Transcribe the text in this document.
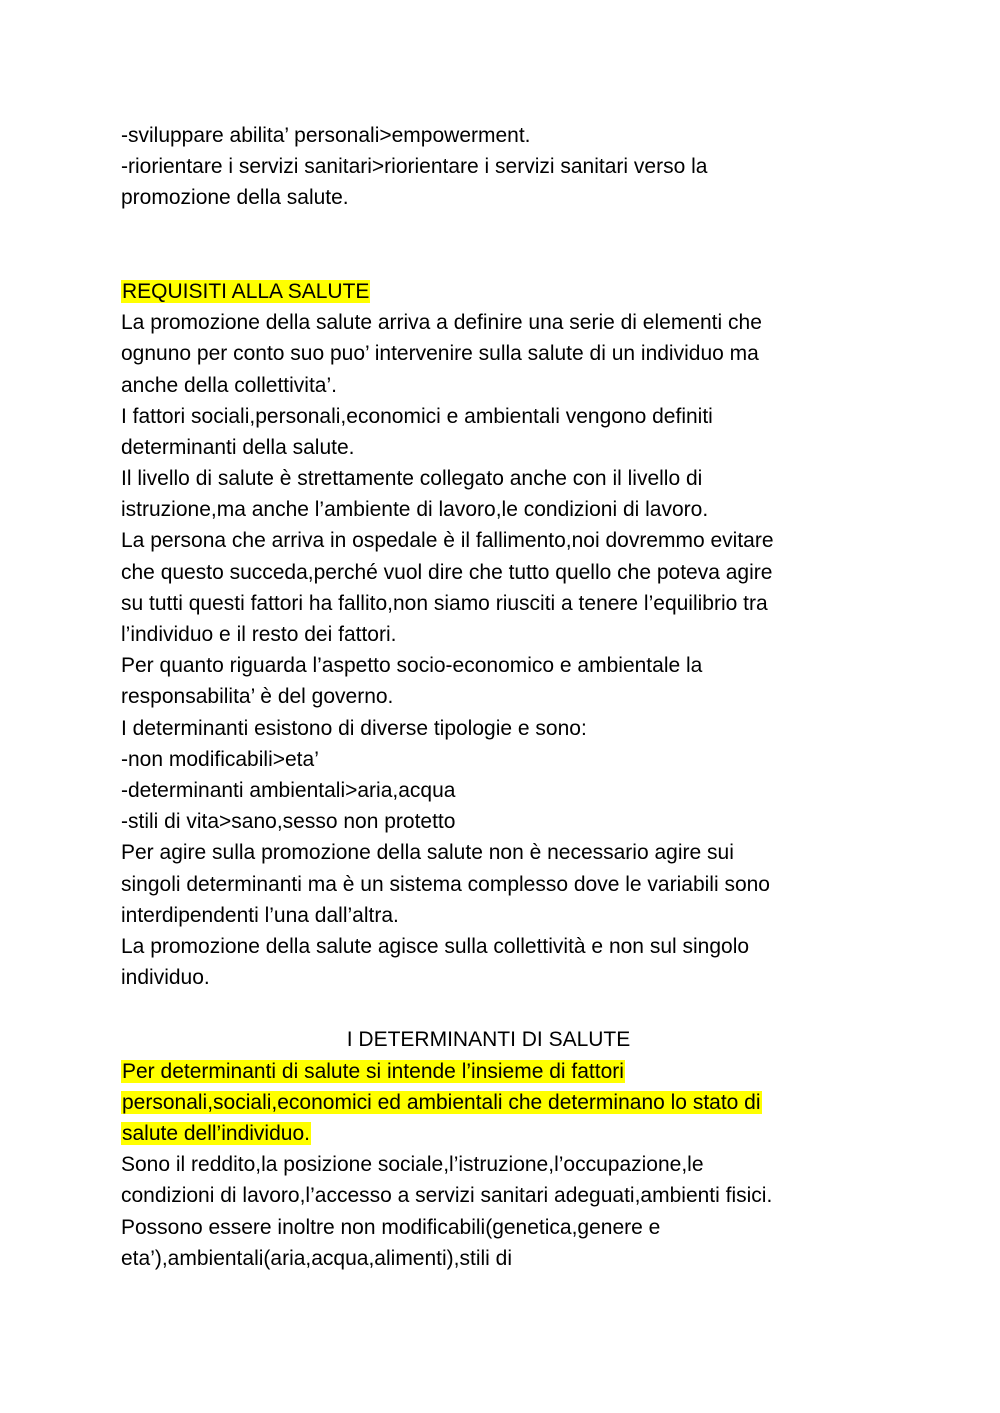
-sviluppare abilita’ personali>empowerment.
-riorientare i servizi sanitari>riorientare i servizi sanitari verso la
promozione della salute.
REQUISITI ALLA SALUTE
La promozione della salute arriva a definire una serie di elementi che
ognuno per conto suo puo’ intervenire sulla salute di un individuo ma
anche della collettivita’.
I fattori sociali,personali,economici e ambientali vengono definiti
determinanti della salute.
Il livello di salute è strettamente collegato anche con il livello di
istruzione,ma anche l’ambiente di lavoro,le condizioni di lavoro.
La persona che arriva in ospedale è il fallimento,noi dovremmo evitare
che questo succeda,perché vuol dire che tutto quello che poteva agire
su tutti questi fattori ha fallito,non siamo riusciti a tenere l’equilibrio tra
l’individuo e il resto dei fattori.
Per quanto riguarda l’aspetto socio-economico e ambientale la
responsabilita’ è del governo.
I determinanti esistono di diverse tipologie e sono:
-non modificabili>eta’
-determinanti ambientali>aria,acqua
-stili di vita>sano,sesso non protetto
Per agire sulla promozione della salute non è necessario agire sui
singoli determinanti ma è un sistema complesso dove le variabili sono
interdipendenti l’una dall’altra.
La promozione della salute agisce sulla collettività e non sul singolo
individuo.
I DETERMINANTI DI SALUTE
Per determinanti di salute si intende l’insieme di fattori
personali,sociali,economici ed ambientali che determinano lo stato di
salute dell’individuo.
Sono il reddito,la posizione sociale,l’istruzione,l’occupazione,le
condizioni di lavoro,l’accesso a servizi sanitari adeguati,ambienti fisici.
Possono essere inoltre non modificabili(genetica,genere e
eta’),ambientali(aria,acqua,alimenti),stili di
